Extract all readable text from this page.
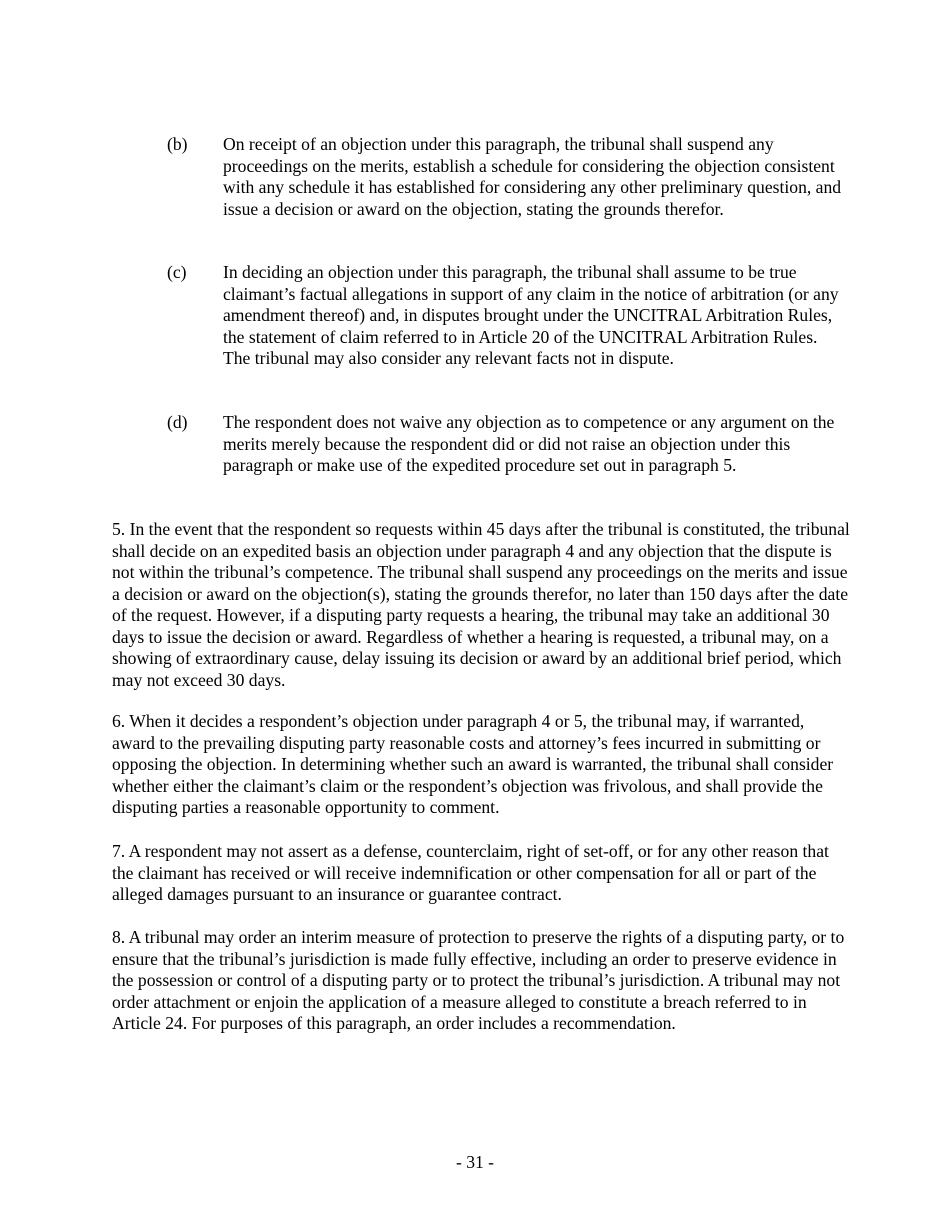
(b) On receipt of an objection under this paragraph, the tribunal shall suspend any proceedings on the merits, establish a schedule for considering the objection consistent with any schedule it has established for considering any other preliminary question, and issue a decision or award on the objection, stating the grounds therefor.
(c) In deciding an objection under this paragraph, the tribunal shall assume to be true claimant’s factual allegations in support of any claim in the notice of arbitration (or any amendment thereof) and, in disputes brought under the UNCITRAL Arbitration Rules, the statement of claim referred to in Article 20 of the UNCITRAL Arbitration Rules. The tribunal may also consider any relevant facts not in dispute.
(d) The respondent does not waive any objection as to competence or any argument on the merits merely because the respondent did or did not raise an objection under this paragraph or make use of the expedited procedure set out in paragraph 5.
5. In the event that the respondent so requests within 45 days after the tribunal is constituted, the tribunal shall decide on an expedited basis an objection under paragraph 4 and any objection that the dispute is not within the tribunal’s competence. The tribunal shall suspend any proceedings on the merits and issue a decision or award on the objection(s), stating the grounds therefor, no later than 150 days after the date of the request. However, if a disputing party requests a hearing, the tribunal may take an additional 30 days to issue the decision or award. Regardless of whether a hearing is requested, a tribunal may, on a showing of extraordinary cause, delay issuing its decision or award by an additional brief period, which may not exceed 30 days.
6. When it decides a respondent’s objection under paragraph 4 or 5, the tribunal may, if warranted, award to the prevailing disputing party reasonable costs and attorney’s fees incurred in submitting or opposing the objection. In determining whether such an award is warranted, the tribunal shall consider whether either the claimant’s claim or the respondent’s objection was frivolous, and shall provide the disputing parties a reasonable opportunity to comment.
7. A respondent may not assert as a defense, counterclaim, right of set-off, or for any other reason that the claimant has received or will receive indemnification or other compensation for all or part of the alleged damages pursuant to an insurance or guarantee contract.
8. A tribunal may order an interim measure of protection to preserve the rights of a disputing party, or to ensure that the tribunal’s jurisdiction is made fully effective, including an order to preserve evidence in the possession or control of a disputing party or to protect the tribunal’s jurisdiction. A tribunal may not order attachment or enjoin the application of a measure alleged to constitute a breach referred to in Article 24. For purposes of this paragraph, an order includes a recommendation.
- 31 -
